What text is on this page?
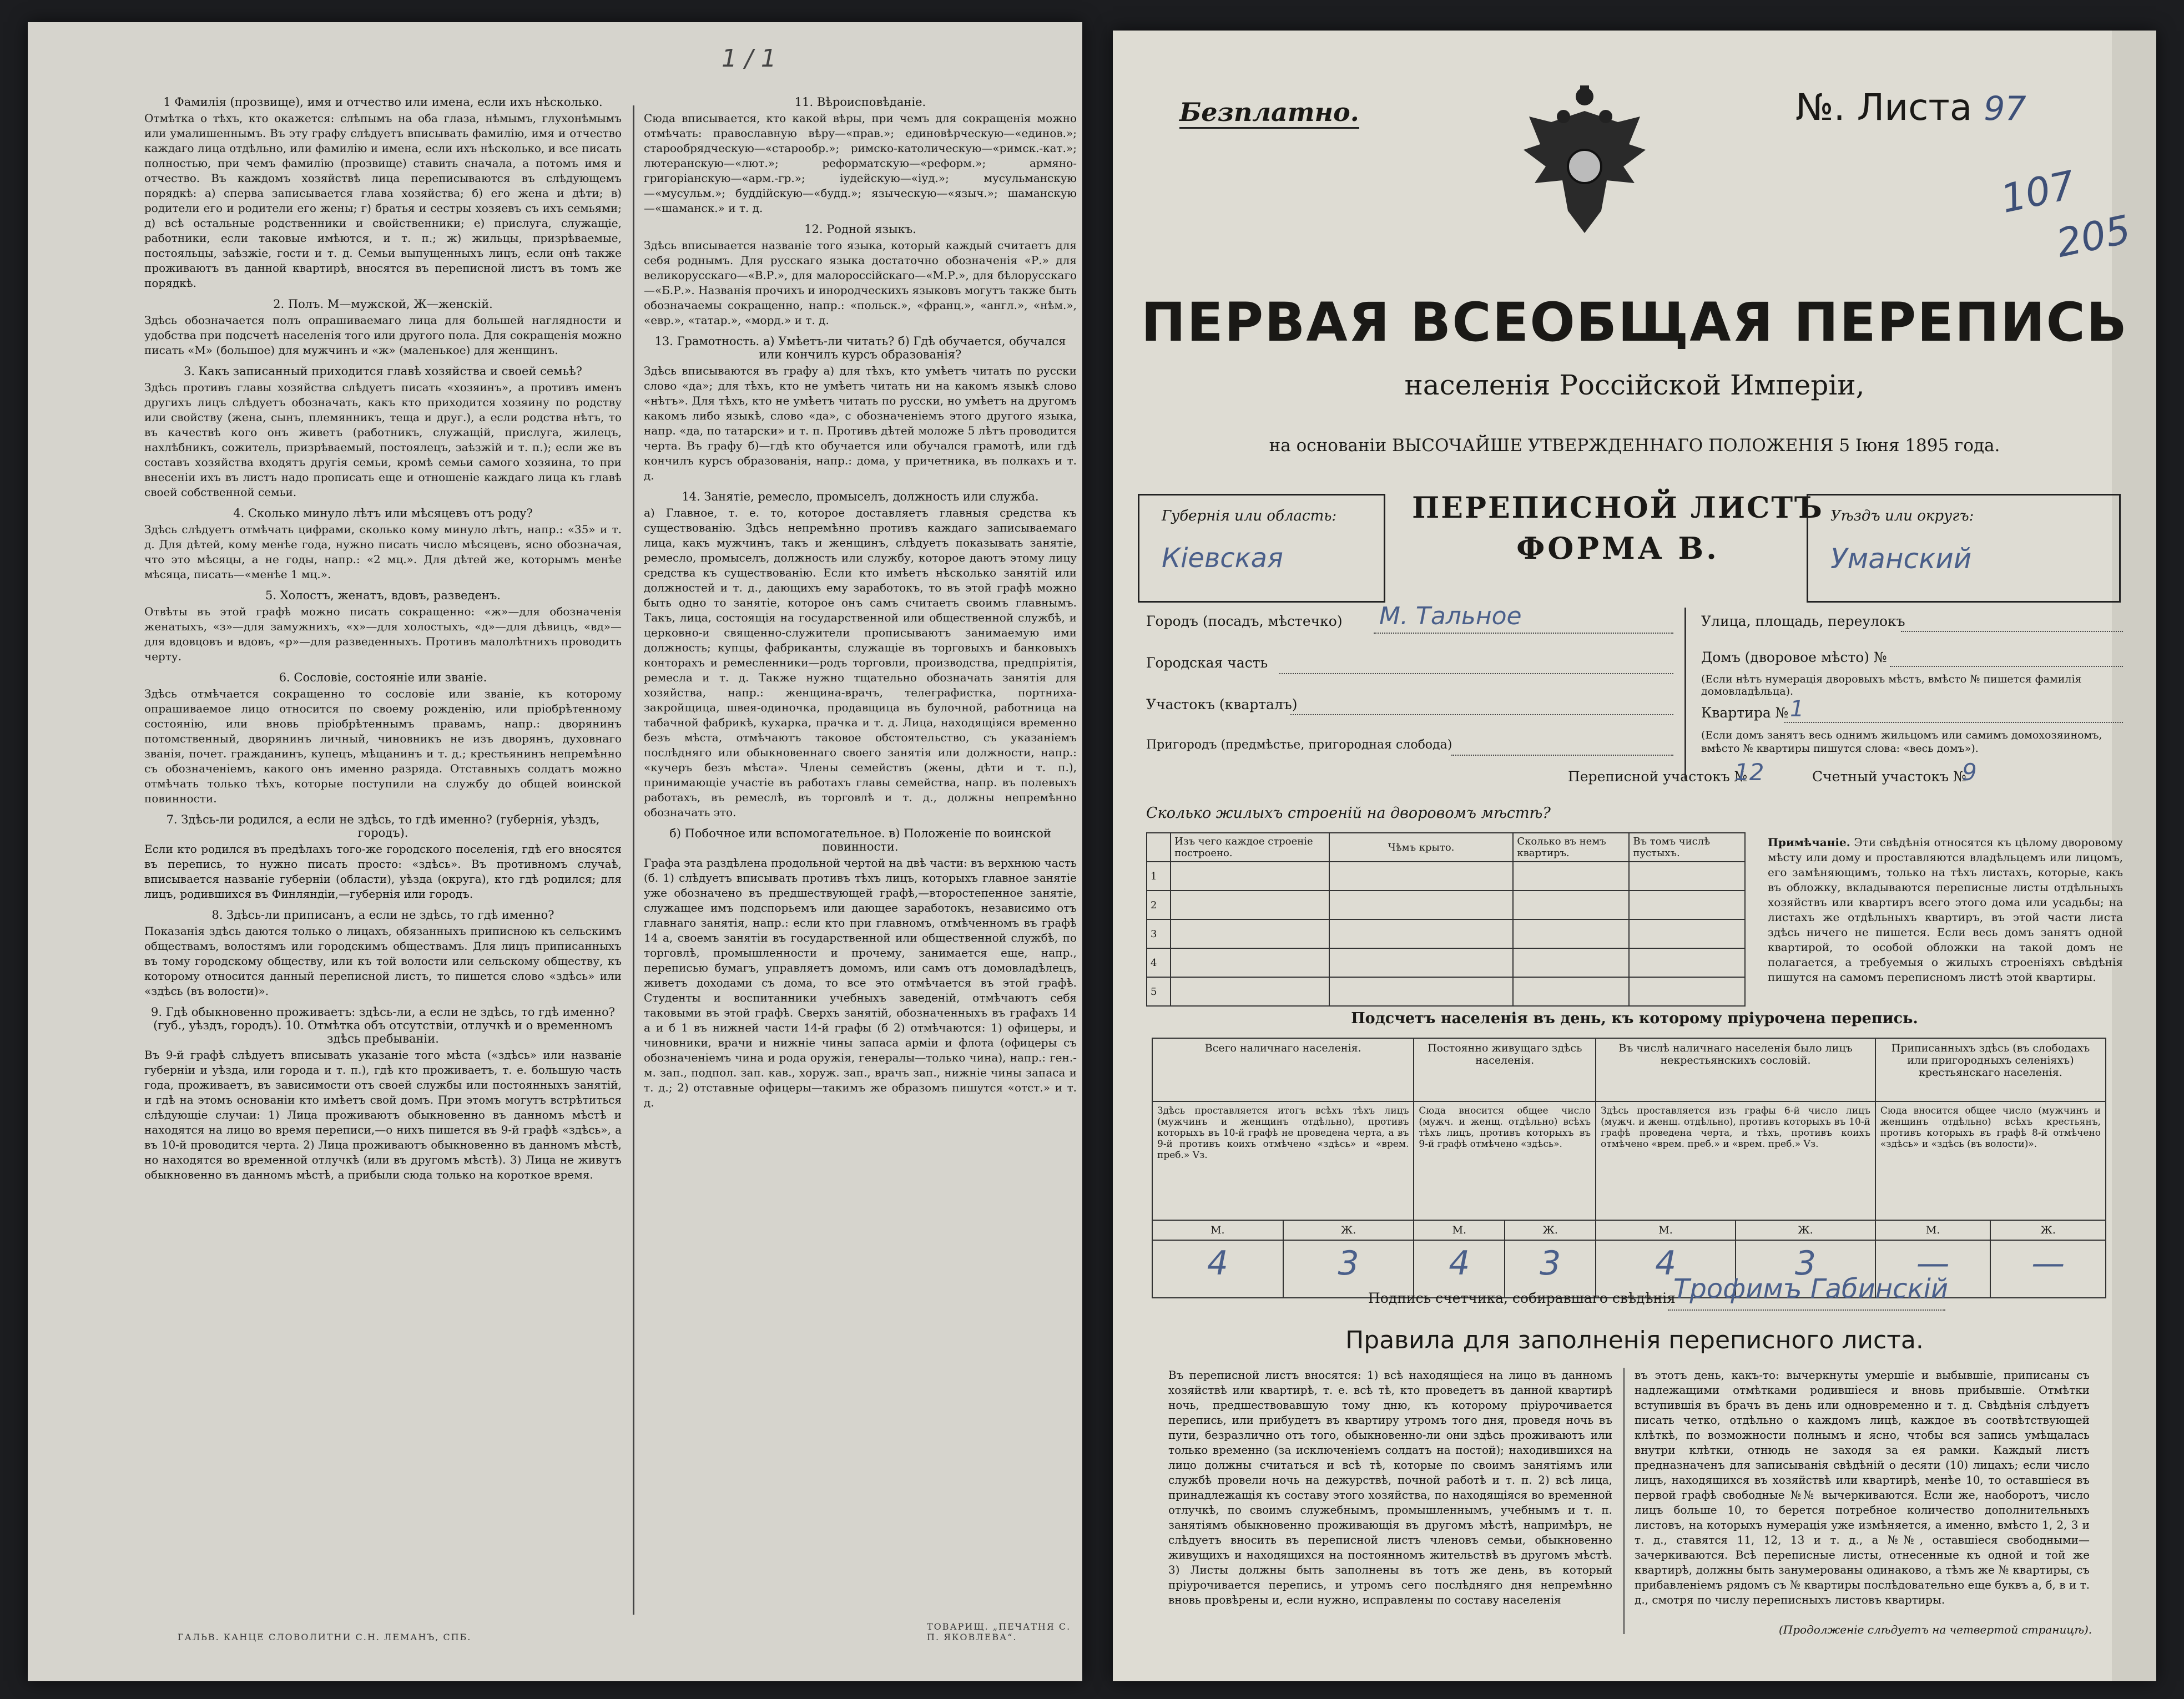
1 / 1
1 Фамилія (прозвище), имя и отчество или имена, если ихъ нѣсколько.

Отмѣтка о тѣхъ, кто окажется: слѣпымъ на оба глаза, нѣмымъ, глухонѣмымъ или умалишеннымъ. Въ эту графу слѣдуетъ вписывать фамилію, имя и отчество каждаго лица отдѣльно, или фамилію и имена, если ихъ нѣсколько, и все писать полностью, при чемъ фамилію (прозвище) ставить сначала, а потомъ имя и отчество. Въ каждомъ хозяйствѣ лица переписываются въ слѣдующемъ порядкѣ: а) сперва записывается глава хозяйства; б) его жена и дѣти; в) родители его и родители его жены; г) братья и сестры хозяевъ съ ихъ семьями; д) всѣ остальные родственники и свойственники; е) прислуга, служащіе, работники, если таковые имѣются, и т. п.; ж) жильцы, призрѣваемые, постояльцы, заѣзжіе, гости и т. д. Семьи выпущенныхъ лицъ, если онѣ также проживаютъ въ данной квартирѣ, вносятся въ переписной листъ въ томъ же порядкѣ.

2. Полъ. М—мужской, Ж—женскій.

Здѣсь обозначается полъ опрашиваемаго лица для большей наглядности и удобства при подсчетѣ населенія того или другого пола. Для сокращенія можно писать «М» (большое) для мужчинъ и «ж» (маленькое) для женщинъ.

3. Какъ записанный приходится главѣ хозяйства и своей семьѣ?

Здѣсь противъ главы хозяйства слѣдуетъ писать «хозяинъ», а противъ именъ другихъ лицъ слѣдуетъ обозначать, какъ кто приходится хозяину по родству или свойству (жена, сынъ, племянникъ, теща и друг.), а если родства нѣтъ, то въ качествѣ кого онъ живетъ (работникъ, служащій, прислуга, жилецъ, нахлѣбникъ, сожитель, призрѣваемый, постоялецъ, заѣзжій и т. п.); если же въ составъ хозяйства входятъ другія семьи, кромѣ семьи самого хозяина, то при внесеніи ихъ въ листъ надо прописать еще и отношеніе каждаго лица къ главѣ своей собственной семьи.

4. Сколько минуло лѣтъ или мѣсяцевъ отъ роду?

Здѣсь слѣдуетъ отмѣчать цифрами, сколько кому минуло лѣтъ, напр.: «35» и т. д. Для дѣтей, кому менѣе года, нужно писать число мѣсяцевъ, ясно обозначая, что это мѣсяцы, а не годы, напр.: «2 мц.». Для дѣтей же, которымъ менѣе мѣсяца, писать—«менѣе 1 мц.».

5. Холостъ, женатъ, вдовъ, разведенъ.

Отвѣты въ этой графѣ можно писать сокращенно: «ж»—для обозначенія женатыхъ, «з»—для замужнихъ, «х»—для холостыхъ, «д»—для дѣвицъ, «вд»—для вдовцовъ и вдовъ, «р»—для разведенныхъ. Противъ малолѣтнихъ проводить черту.

6. Сословіе, состояніе или званіе.

Здѣсь отмѣчается сокращенно то сословіе или званіе, къ которому опрашиваемое лицо относится по своему рожденію, или пріобрѣтенному состоянію, или вновь пріобрѣтеннымъ правамъ, напр.: дворянинъ потомственный, дворянинъ личный, чиновникъ не изъ дворянъ, духовнаго званія, почет. гражданинъ, купецъ, мѣщанинъ и т. д.; крестьянинъ непремѣнно съ обозначеніемъ, какого онъ именно разряда. Отставныхъ солдатъ можно отмѣчать только тѣхъ, которые поступили на службу до общей воинской повинности.

7. Здѣсь-ли родился, а если не здѣсь, то гдѣ именно? (губернія, уѣздъ, городъ).

Если кто родился въ предѣлахъ того-же городского поселенія, гдѣ его вносятся въ перепись, то нужно писать просто: «здѣсь». Въ противномъ случаѣ, вписывается названіе губерніи (области), уѣзда (округа), кто гдѣ родился; для лицъ, родившихся въ Финляндіи,—губернія или городъ.

8. Здѣсь-ли приписанъ, а если не здѣсь, то гдѣ именно?

Показанія здѣсь даются только о лицахъ, обязанныхъ приписною къ сельскимъ обществамъ, волостямъ или городскимъ обществамъ. Для лицъ приписанныхъ въ тому городскому обществу, или къ той волости или сельскому обществу, къ которому относится данный переписной листъ, то пишется слово «здѣсь» или «здѣсь (въ волости)».

9. Гдѣ обыкновенно проживаетъ: здѣсь-ли, а если не здѣсь, то гдѣ именно? (губ., уѣздъ, городъ). 10. Отмѣтка объ отсутствіи, отлучкѣ и о временномъ здѣсь пребываніи.

Въ 9-й графѣ слѣдуетъ вписывать указаніе того мѣста («здѣсь» или названіе губерніи и уѣзда, или города и т. п.), гдѣ кто проживаетъ, т. е. большую часть года, проживаетъ, въ зависимости отъ своей службы или постоянныхъ занятій, и гдѣ на этомъ основаніи кто имѣетъ свой домъ. При этомъ могутъ встрѣтиться слѣдующіе случаи: 1) Лица проживаютъ обыкновенно въ данномъ мѣстѣ и находятся на лицо во время переписи,—о нихъ пишется въ 9-й графѣ «здѣсь», а въ 10-й проводится черта. 2) Лица проживаютъ обыкновенно въ данномъ мѣстѣ, но находятся во временной отлучкѣ (или въ другомъ мѣстѣ). 3) Лица не живутъ обыкновенно въ данномъ мѣстѣ, а прибыли сюда только на короткое время.

11. Вѣроисповѣданіе.

Сюда вписывается, кто какой вѣры, при чемъ для сокращенія можно отмѣчать: православную вѣру—«прав.»; единовѣрческую—«единов.»; старообрядческую—«старообр.»; римско-католическую—«римск.-кат.»; лютеранскую—«лют.»; реформатскую—«реформ.»; армяно-григоріанскую—«арм.-гр.»; іудейскую—«іуд.»; мусульманскую—«мусульм.»; буддійскую—«будд.»; языческую—«языч.»; шаманскую—«шаманск.» и т. д.

12. Родной языкъ.

Здѣсь вписывается названіе того языка, который каждый считаетъ для себя роднымъ. Для русскаго языка достаточно обозначенія «Р.» для великорусскаго—«В.Р.», для малороссійскаго—«М.Р.», для бѣлорусскаго—«Б.Р.». Названія прочихъ и инородческихъ языковъ могутъ также быть обозначаемы сокращенно, напр.: «польск.», «франц.», «англ.», «нѣм.», «евр.», «татар.», «морд.» и т. д.

13. Грамотность. а) Умѣетъ-ли читать? б) Гдѣ обучается, обучался или кончилъ курсъ образованія?

Здѣсь вписываются въ графу а) для тѣхъ, кто умѣетъ читать по русски слово «да»; для тѣхъ, кто не умѣетъ читать ни на какомъ языкѣ слово «нѣтъ». Для тѣхъ, кто не умѣетъ читать по русски, но умѣетъ на другомъ какомъ либо языкѣ, слово «да», с обозначеніемъ этого другого языка, напр. «да, по татарски» и т. п. Противъ дѣтей моложе 5 лѣтъ проводится черта. Въ графу б)—гдѣ кто обучается или обучался грамотѣ, или гдѣ кончилъ курсъ образованія, напр.: дома, у причетника, въ полкахъ и т. д.

14. Занятіе, ремесло, промыселъ, должность или служба.

а) Главное, т. е. то, которое доставляетъ главныя средства къ существованію. Здѣсь непремѣнно противъ каждаго записываемаго лица, какъ мужчинъ, такъ и женщинъ, слѣдуетъ показывать занятіе, ремесло, промыселъ, должность или службу, которое даютъ этому лицу средства къ существованію. Если кто имѣетъ нѣсколько занятій или должностей и т. д., дающихъ ему заработокъ, то въ этой графѣ можно быть одно то занятіе, которое онъ самъ считаетъ своимъ главнымъ. Такъ, лица, состоящія на государственной или общественной службѣ, и церковно-и священно-служители прописываютъ занимаемую ими должность; купцы, фабриканты, служащіе въ торговыхъ и банковыхъ конторахъ и ремесленники—родъ торговли, производства, предпріятія, ремесла и т. д. Также нужно тщательно обозначать занятія для хозяйства, напр.: женщина-врачъ, телеграфистка, портниха-закройщица, швея-одиночка, продавщица въ булочной, работница на табачной фабрикѣ, кухарка, прачка и т. д. Лица, находящіяся временно безъ мѣста, отмѣчаютъ таковое обстоятельство, съ указаніемъ послѣдняго или обыкновеннаго своего занятія или должности, напр.: «кучеръ безъ мѣста». Члены семействъ (жены, дѣти и т. п.), принимающіе участіе въ работахъ главы семейства, напр. въ полевыхъ работахъ, въ ремеслѣ, въ торговлѣ и т. д., должны непремѣнно обозначать это.

б) Побочное или вспомогательное. в) Положеніе по воинской повинности.

Графа эта раздѣлена продольной чертой на двѣ части: въ верхнюю часть (б. 1) слѣдуетъ вписывать противъ тѣхъ лицъ, которыхъ главное занятіе уже обозначено въ предшествующей графѣ,—второстепенное занятіе, служащее имъ подспорьемъ или дающее заработокъ, независимо отъ главнаго занятія, напр.: если кто при главномъ, отмѣченномъ въ графѣ 14 а, своемъ занятіи въ государственной или общественной службѣ, по торговлѣ, промышленности и прочему, занимается еще, напр., переписью бумагъ, управляетъ домомъ, или самъ отъ домовладѣлецъ, живетъ доходами съ дома, то все это отмѣчается въ этой графѣ. Студенты и воспитанники учебныхъ заведеній, отмѣчаютъ себя таковыми въ этой графѣ. Сверхъ занятій, обозначенныхъ въ графахъ 14 а и б 1 въ нижней части 14-й графы (б 2) отмѣчаются: 1) офицеры, и чиновники, врачи и нижніе чины запаса арміи и флота (офицеры съ обозначеніемъ чина и рода оружія, генералы—только чина), напр.: ген.-м. зап., подпол. зап. кав., хоруж. зап., врачъ зап., нижніе чины запаса и т. д.; 2) отставные офицеры—такимъ же образомъ пишутся «отст.» и т. д.

ГАЛЬВ. КАНЦЕ СЛОВОЛИТНИ С.Н. ЛЕМАНЪ, СПБ.
ТОВАРИЩ. „ПЕЧАТНЯ С. П. ЯКОВЛЕВА“.
Безплатно.	№. Листа 97
107
205
ПЕРВАЯ ВСЕОБЩАЯ ПЕРЕПИСЬ
населенія Россійской Имперіи,
на основаніи ВЫСОЧАЙШЕ УТВЕРЖДЕННАГО ПОЛОЖЕНІЯ 5 Іюня 1895 года.
Губернія или область:
Кіевская
ПЕРЕПИСНОЙ ЛИСТЪ
ФОРМА В.
Уѣздъ или округъ:
Уманский
Городъ (посадъ, мѣстечко) М. Тальное
Городская часть
Участокъ (кварталъ)
Пригородъ (предмѣстье, пригородная слобода)
Улица, площадь, переулокъ
Домъ (дворовое мѣсто) №
(Если нѣтъ нумерація дворовыхъ мѣстъ, вмѣсто № пишется фамилія домовладѣльца).
Квартира № 1
(Если домъ занятъ весь однимъ жильцомъ или самимъ домохозяиномъ, вмѣсто № квартиры пишутся слова: «весь домъ»).
Переписной участокъ №
12	Счетный участокъ №
9
Сколько жилыхъ строеній на дворовомъ мѣстѣ?
	Изъ чего каждое строеніе построено.	Чѣмъ крыто.	Сколько въ немъ квартиръ.	Въ томъ числѣ пустыхъ.
1				
2				
3				
4				
5				
Примѣчаніе. Эти свѣдѣнія относятся къ цѣлому дворовому мѣсту или дому и проставляются владѣльцемъ или лицомъ, его замѣняющимъ, только на тѣхъ листахъ, которые, какъ въ обложку, вкладываются переписные листы отдѣльныхъ хозяйствъ или квартиръ всего этого дома или усадьбы; на листахъ же отдѣльныхъ квартиръ, въ этой части листа здѣсь ничего не пишется. Если весь домъ занятъ одной квартирой, то особой обложки на такой домъ не полагается, а требуемыя о жилыхъ строеніяхъ свѣдѣнія пишутся на самомъ переписномъ листѣ этой квартиры.
Подсчетъ населенія въ день, къ которому пріурочена перепись.
Всего наличнаго населенія.		Постоянно живущаго здѣсь населенія.		Въ числѣ наличнаго населенія было лицъ некрестьянскихъ сословій.		Приписанныхъ здѣсь (въ слободахъ или пригородныхъ селеніяхъ) крестьянскаго населенія.	
Здѣсь проставляется итогъ всѣхъ тѣхъ лицъ (мужчинъ и женщинъ отдѣльно), противъ которыхъ въ 10-й графѣ не проведена черта, а въ 9-й противъ коихъ отмѣчено «здѣсь» и «врем. преб.» Vз.		Сюда вносится общее число (мужч. и женщ. отдѣльно) всѣхъ тѣхъ лицъ, противъ которыхъ въ 9-й графѣ отмѣчено «здѣсь».		Здѣсь проставляется изъ графы 6-й число лицъ (мужч. и женщ. отдѣльно), противъ которыхъ въ 10-й графѣ проведена черта, и тѣхъ, противъ коихъ отмѣчено «врем. преб.» и «врем. преб.» Vз.		Сюда вносится общее число (мужчинъ и женщинъ отдѣльно) всѣхъ крестьянъ, противъ которыхъ въ графѣ 8-й отмѣчено «здѣсь» и «здѣсь (въ волости)».	
М.	Ж.	М.	Ж.	М.	Ж.	М.	Ж.
4	3	4	3	4	3	—	—
Подпись счетчика, собиравшаго свѣдѣнія
Трофимъ Габинскій
Правила для заполненія переписного листа.
Въ переписной листъ вносятся: 1) всѣ находящіеся на лицо въ данномъ хозяйствѣ или квартирѣ, т. е. всѣ тѣ, кто проведетъ въ данной квартирѣ ночь, предшествовавшую тому дню, къ которому пріурочивается перепись, или прибудетъ въ квартиру утромъ того дня, проведя ночь въ пути, безразлично отъ того, обыкновенно-ли они здѣсь проживаютъ или только временно (за исключеніемъ солдатъ на постой); находившихся на лицо должны считаться и всѣ тѣ, которые по своимъ занятіямъ или службѣ провели ночь на дежурствѣ, почной работѣ и т. п. 2) всѣ лица, принадлежащія къ составу этого хозяйства, по находящіяся во временной отлучкѣ, по своимъ служебнымъ, промышленнымъ, учебнымъ и т. п. занятіямъ обыкновенно проживающія въ другомъ мѣстѣ, напримѣръ, не слѣдуетъ вносить въ переписной листъ членовъ семьи, обыкновенно живущихъ и находящихся на постоянномъ жительствѣ въ другомъ мѣстѣ. 3) Листы должны быть заполнены въ тотъ же день, въ который пріурочивается перепись, и утромъ сего послѣдняго дня непремѣнно вновь провѣрены и, если нужно, исправлены по составу населенія
въ этотъ день, какъ-то: вычеркнуты умершіе и выбывшіе, приписаны съ надлежащими отмѣтками родившіеся и вновь прибывшіе. Отмѣтки вступившія въ брачъ въ день или одновременно и т. д. Свѣдѣнія слѣдуетъ писать четко, отдѣльно о каждомъ лицѣ, каждое въ соотвѣтствующей клѣткѣ, по возможности полнымъ и ясно, чтобы вся запись умѣщалась внутри клѣтки, отнюдь не заходя за ея рамки. Каждый листъ предназначенъ для записыванія свѣдѣній о десяти (10) лицахъ; если число лицъ, находящихся въ хозяйствѣ или квартирѣ, менѣе 10, то оставшіеся въ первой графѣ свободные №№ вычеркиваются. Если же, наоборотъ, число лицъ больше 10, то берется потребное количество дополнительныхъ листовъ, на которыхъ нумерація уже измѣняется, а именно, вмѣсто 1, 2, 3 и т. д., ставятся 11, 12, 13 и т. д., а №№, оставшіеся свободными—зачеркиваются. Всѣ переписные листы, отнесенные къ одной и той же квартирѣ, должны быть занумерованы одинаково, а тѣмъ же № квартиры, съ прибавленіемъ рядомъ съ № квартиры послѣдовательно еще буквъ а, б, в и т. д., смотря по числу переписныхъ листовъ квартиры.
(Продолженіе слѣдуетъ на четвертой страницѣ).
